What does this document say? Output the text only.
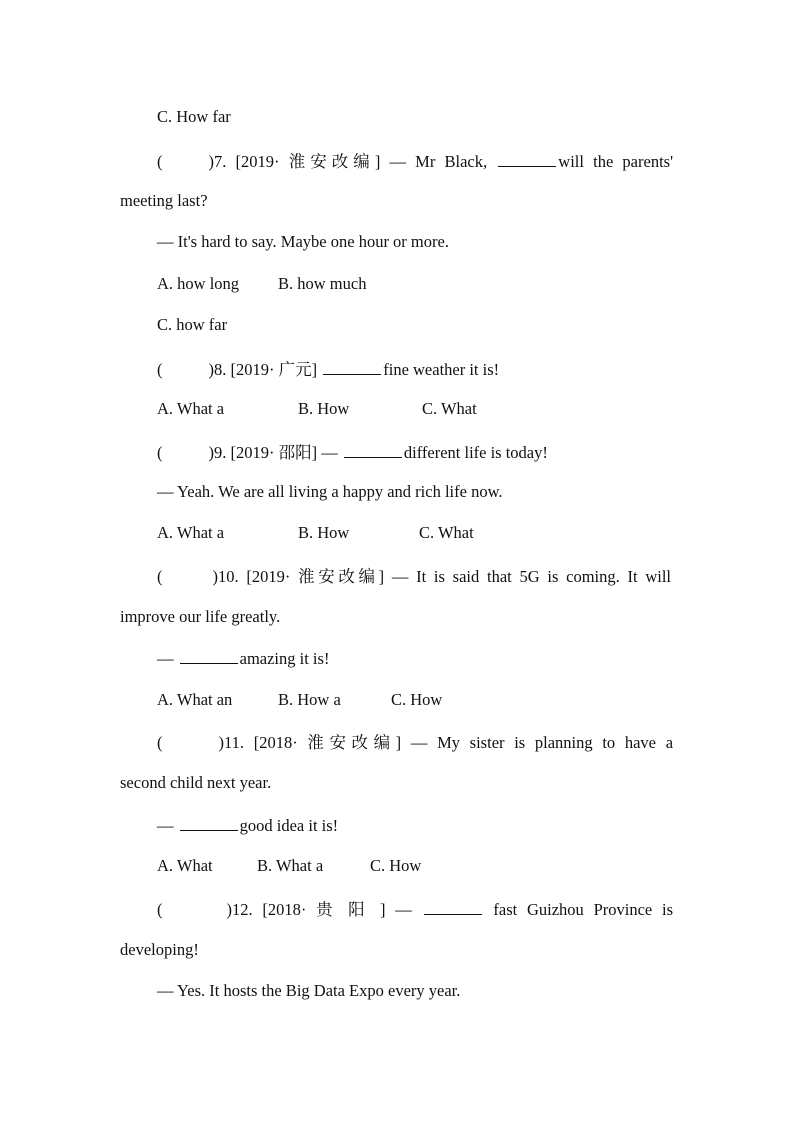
C. How far
(	)7. [2019· 淮安改编] — Mr Black,	will the parents'
meeting last?
— It's hard to say. Maybe one hour or more.
A. how long B. how much
C. how far
(	)8. [2019· 广元]	fine weather it is!
A. What a	B. How	C. What
(	)9. [2019· 邵阳] —	different life is today!
— Yeah. We are all living a happy and rich life now.
A. What a	B. How	C. What
(	)10. [2019· 淮安改编] — It is said that 5G is coming. It will
improve our life greatly.
—	amazing it is!
A. What an	B. How a	C. How
(	)11. [2018· 淮安改编] — My sister is planning to have a
second child next year.
—	good idea it is!
A. What	B. What a	C. How
(	)12. [2018· 贵 阳 ] —	fast Guizhou Province is
developing!
— Yes. It hosts the Big Data Expo every year.
